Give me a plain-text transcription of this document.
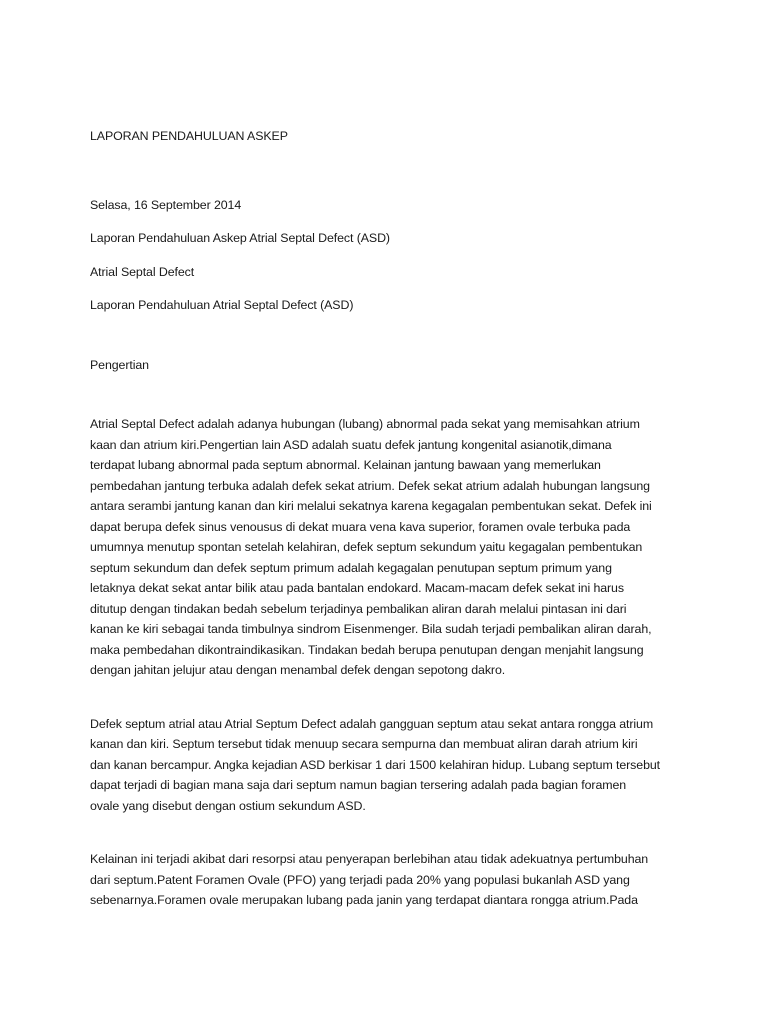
LAPORAN PENDAHULUAN ASKEP
Selasa, 16 September 2014
Laporan Pendahuluan Askep Atrial Septal Defect (ASD)
Atrial Septal Defect
Laporan Pendahuluan Atrial Septal Defect (ASD)
Pengertian
Atrial Septal Defect adalah adanya hubungan (lubang) abnormal pada sekat yang memisahkan atrium
kaan dan atrium kiri.Pengertian lain ASD adalah suatu defek jantung kongenital asianotik,dimana
terdapat lubang abnormal pada septum abnormal. Kelainan jantung bawaan yang memerlukan
pembedahan jantung terbuka adalah defek sekat atrium. Defek sekat atrium adalah hubungan langsung
antara serambi jantung kanan dan kiri melalui sekatnya karena kegagalan pembentukan sekat. Defek ini
dapat berupa defek sinus venousus di dekat muara vena kava superior, foramen ovale terbuka pada
umumnya menutup spontan setelah kelahiran, defek septum sekundum yaitu kegagalan pembentukan
septum sekundum dan defek septum primum adalah kegagalan penutupan septum primum yang
letaknya dekat sekat antar bilik atau pada bantalan endokard. Macam-macam defek sekat ini harus
ditutup dengan tindakan bedah sebelum terjadinya pembalikan aliran darah melalui pintasan ini dari
kanan ke kiri sebagai tanda timbulnya sindrom Eisenmenger. Bila sudah terjadi pembalikan aliran darah,
maka pembedahan dikontraindikasikan. Tindakan bedah berupa penutupan dengan menjahit langsung
dengan jahitan jelujur atau dengan menambal defek dengan sepotong dakro.
Defek septum atrial atau Atrial Septum Defect adalah gangguan septum atau sekat antara rongga atrium
kanan dan kiri. Septum tersebut tidak menuup secara sempurna dan membuat aliran darah atrium kiri
dan kanan bercampur. Angka kejadian ASD berkisar 1 dari 1500 kelahiran hidup. Lubang septum tersebut
dapat terjadi di bagian mana saja dari septum namun bagian tersering adalah pada bagian foramen
ovale yang disebut dengan ostium sekundum ASD.
Kelainan ini terjadi akibat dari resorpsi atau penyerapan berlebihan atau tidak adekuatnya pertumbuhan
dari septum.Patent Foramen Ovale (PFO) yang terjadi pada 20% yang populasi bukanlah ASD yang
sebenarnya.Foramen ovale merupakan lubang pada janin yang terdapat diantara rongga atrium.Pada
